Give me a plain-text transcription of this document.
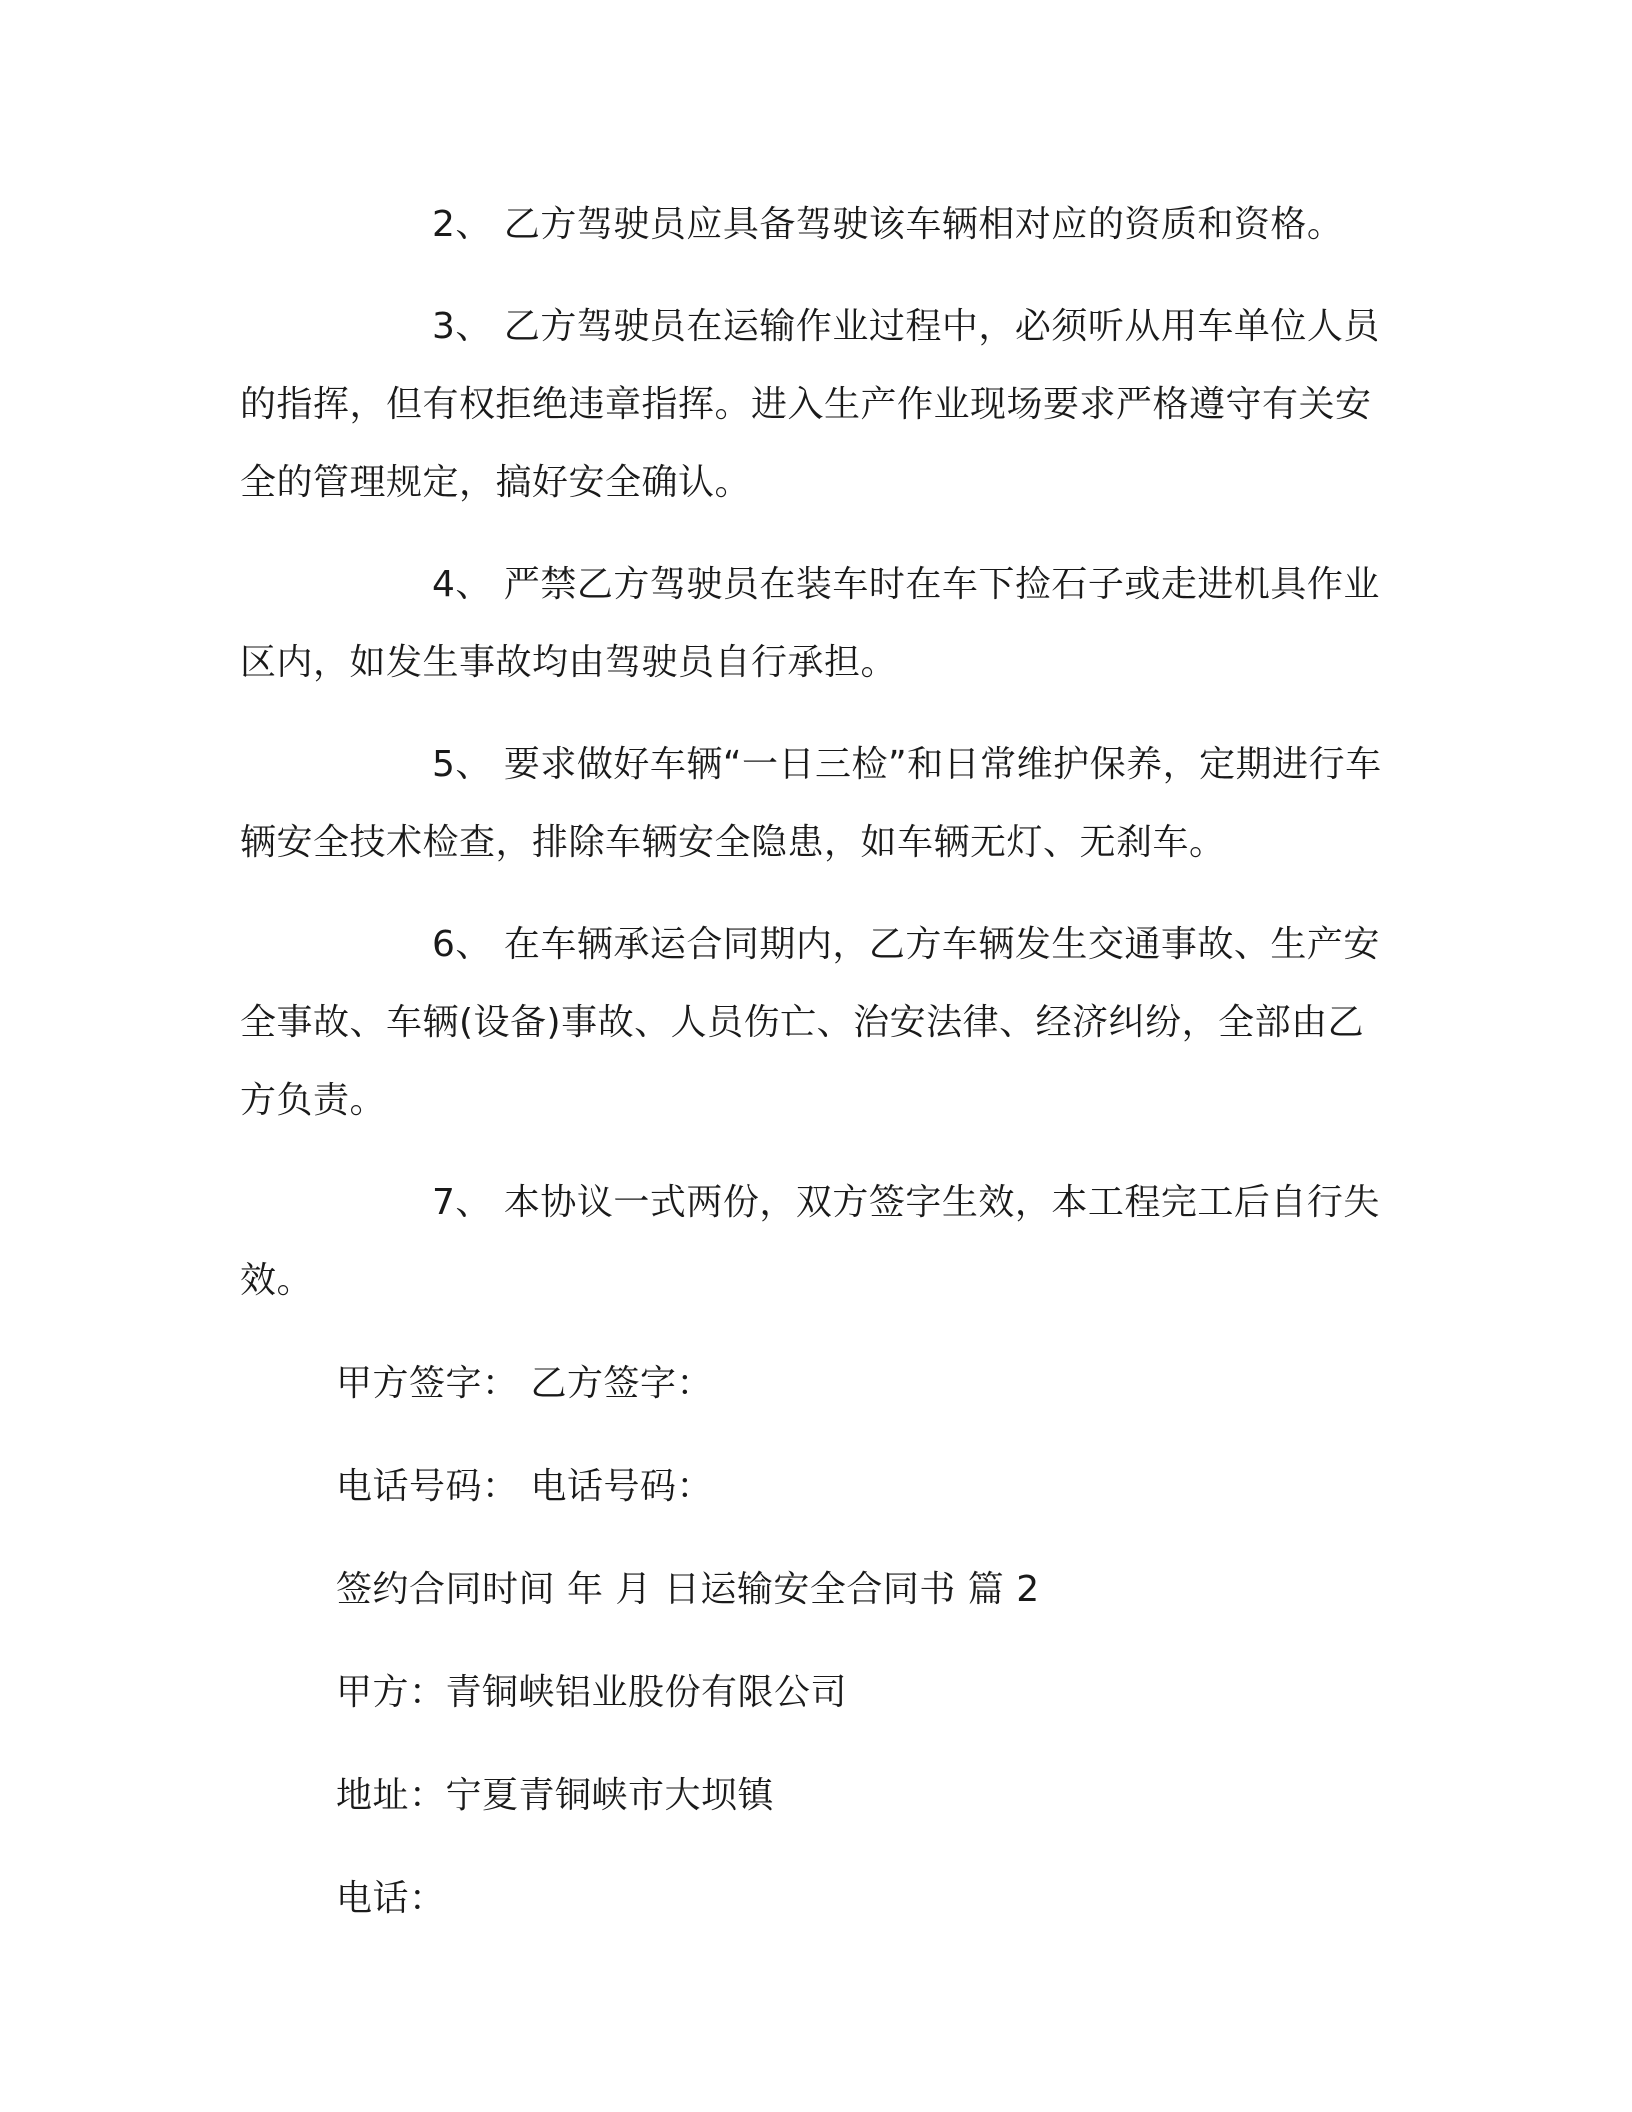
2、 乙方驾驶员应具备驾驶该车辆相对应的资质和资格。

3、 乙方驾驶员在运输作业过程中，必须听从用车单位人员的指挥，但有权拒绝违章指挥。进入生产作业现场要求严格遵守有关安全的管理规定，搞好安全确认。

4、 严禁乙方驾驶员在装车时在车下捡石子或走进机具作业区内，如发生事故均由驾驶员自行承担。

5、 要求做好车辆“一日三检”和日常维护保养，定期进行车辆安全技术检查，排除车辆安全隐患，如车辆无灯、无刹车。

6、 在车辆承运合同期内，乙方车辆发生交通事故、生产安全事故、车辆(设备)事故、人员伤亡、治安法律、经济纠纷，全部由乙方负责。

7、 本协议一式两份，双方签字生效，本工程完工后自行失效。

甲方签字： 乙方签字：

电话号码： 电话号码：

签约合同时间 年 月 日运输安全合同书 篇 2

甲方：青铜峡铝业股份有限公司

地址：宁夏青铜峡市大坝镇

电话：
